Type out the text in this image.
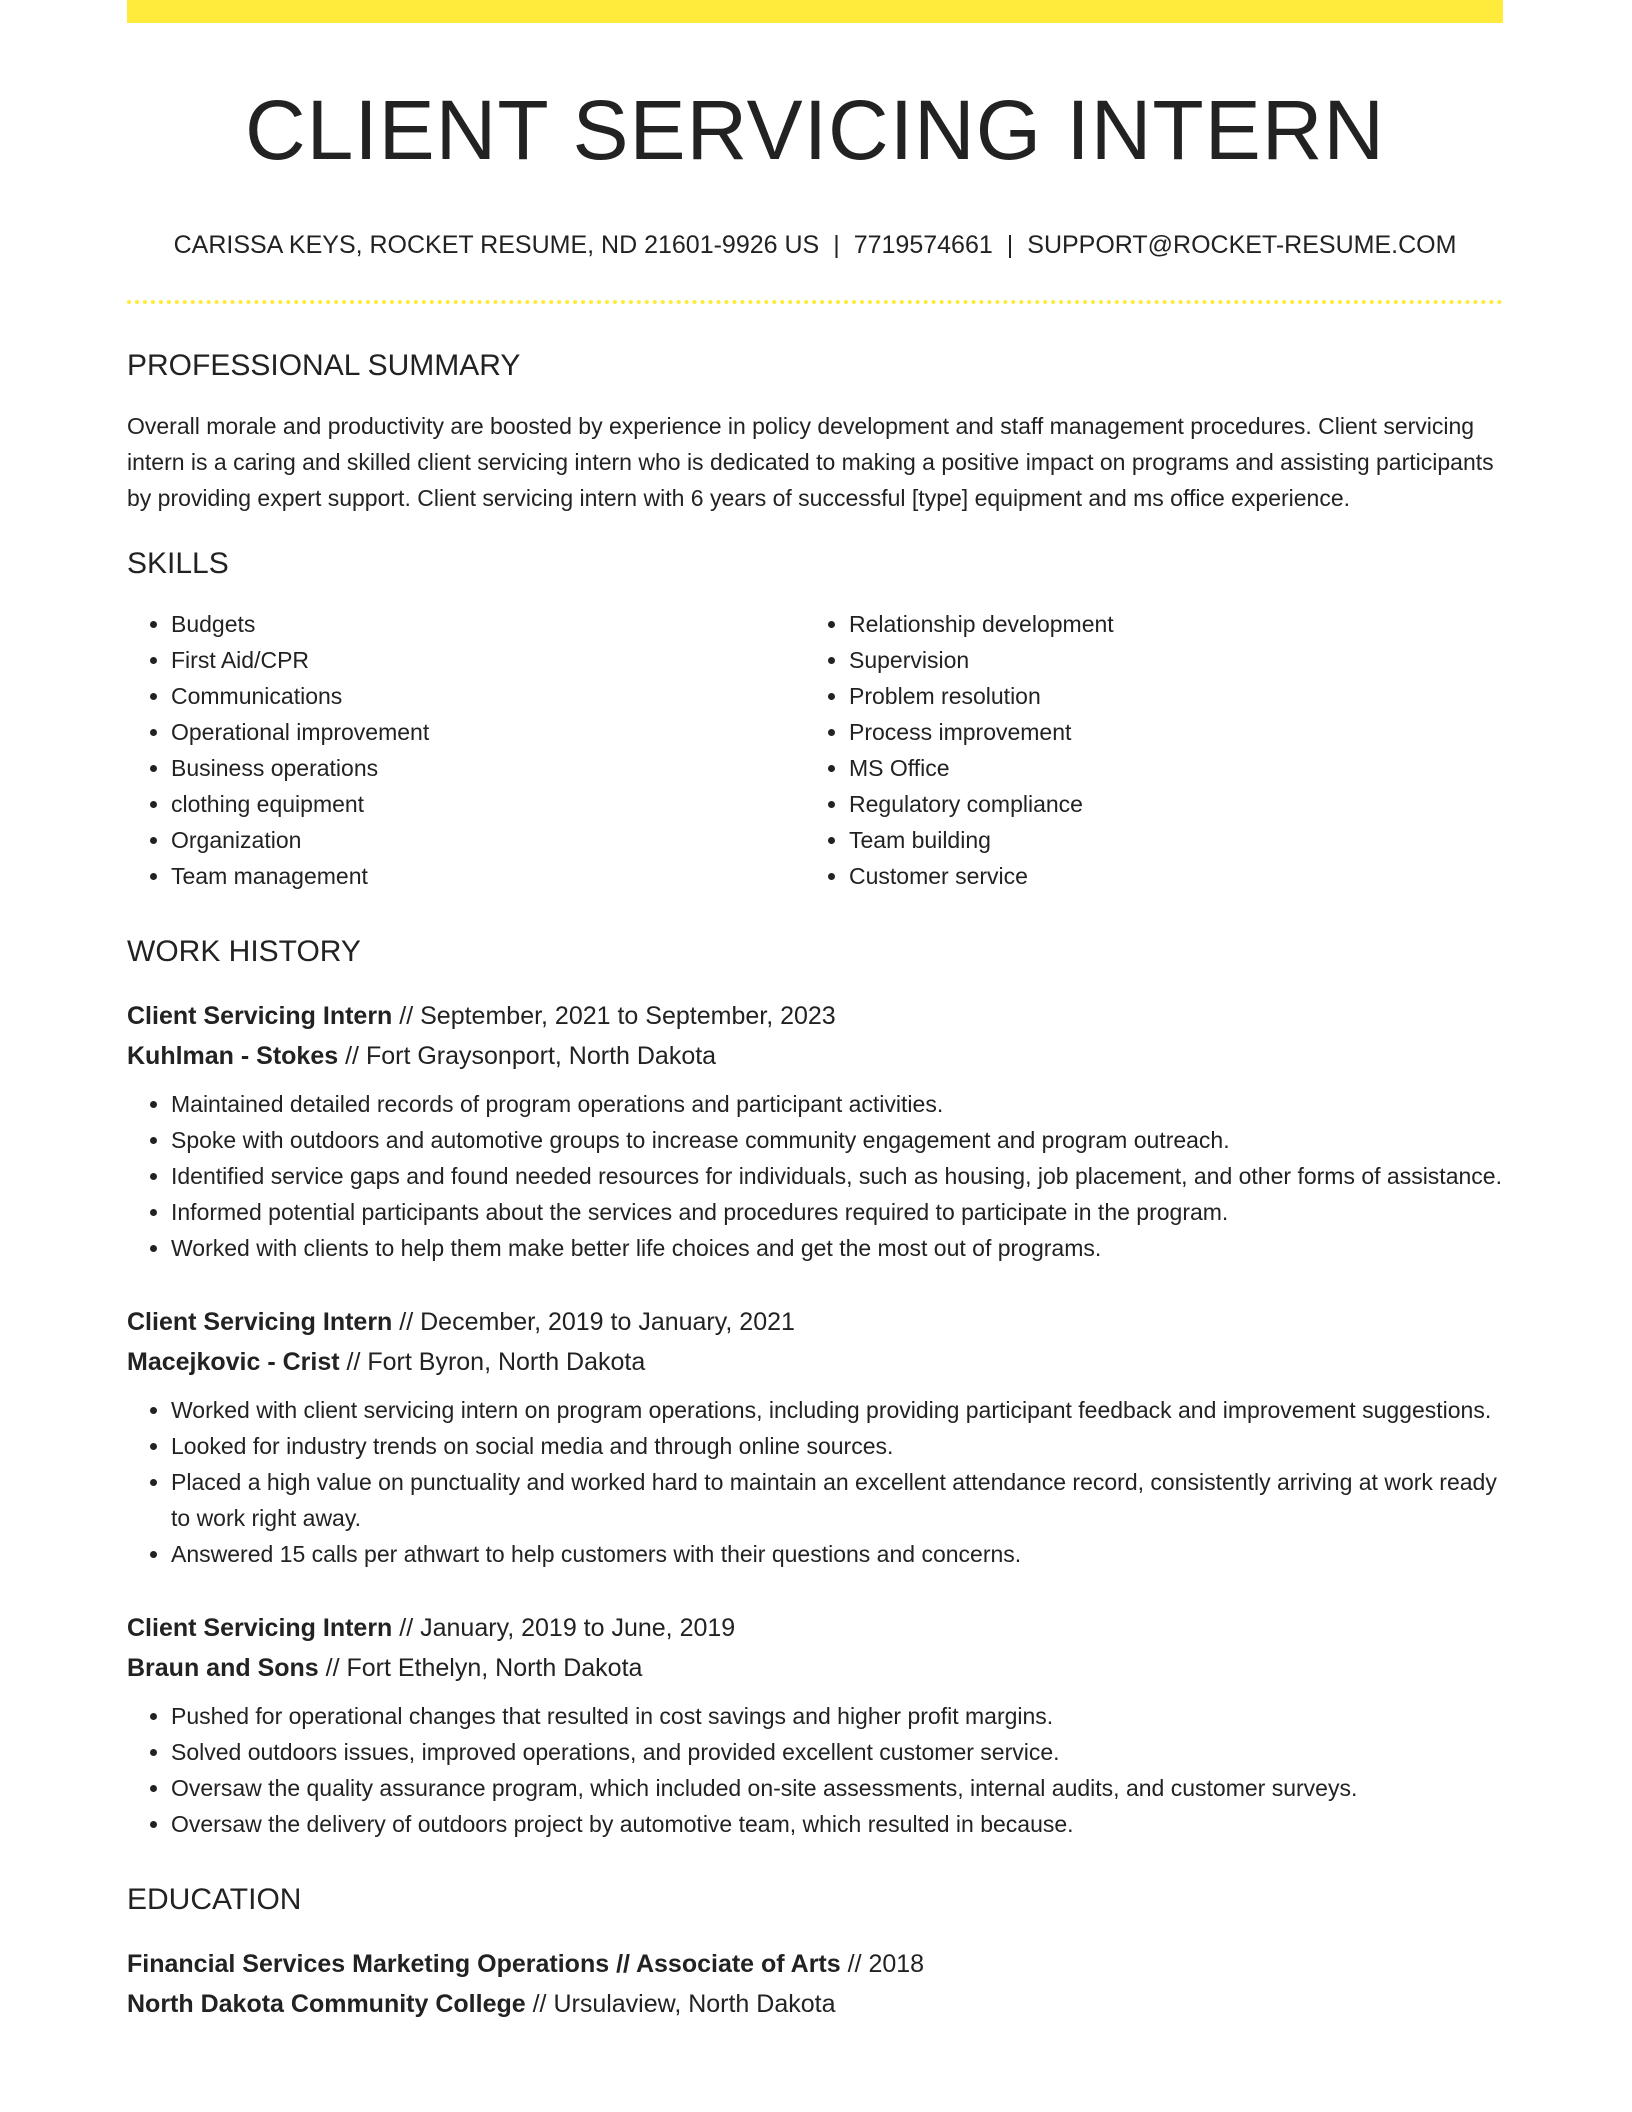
CLIENT SERVICING INTERN
CARISSA KEYS, ROCKET RESUME, ND 21601-9926 US | 7719574661 | SUPPORT@ROCKET-RESUME.COM
PROFESSIONAL SUMMARY

Overall morale and productivity are boosted by experience in policy development and staff management procedures. Client servicing intern is a caring and skilled client servicing intern who is dedicated to making a positive impact on programs and assisting participants by providing expert support. Client servicing intern with 6 years of successful [type] equipment and ms office experience.

SKILLS
• Budgets
• First Aid/CPR
• Communications
• Operational improvement
• Business operations
• clothing equipment
• Organization
• Team management
• Relationship development
• Supervision
• Problem resolution
• Process improvement
• MS Office
• Regulatory compliance
• Team building
• Customer service
WORK HISTORY
Client Servicing Intern // September, 2021 to September, 2023
Kuhlman - Stokes // Fort Graysonport, North Dakota
• Maintained detailed records of program operations and participant activities.
• Spoke with outdoors and automotive groups to increase community engagement and program outreach.
• Identified service gaps and found needed resources for individuals, such as housing, job placement, and other forms of assistance.
• Informed potential participants about the services and procedures required to participate in the program.
• Worked with clients to help them make better life choices and get the most out of programs.
Client Servicing Intern // December, 2019 to January, 2021
Macejkovic - Crist // Fort Byron, North Dakota
• Worked with client servicing intern on program operations, including providing participant feedback and improvement suggestions.
• Looked for industry trends on social media and through online sources.
• Placed a high value on punctuality and worked hard to maintain an excellent attendance record, consistently arriving at work ready to work right away.
• Answered 15 calls per athwart to help customers with their questions and concerns.
Client Servicing Intern // January, 2019 to June, 2019
Braun and Sons // Fort Ethelyn, North Dakota
• Pushed for operational changes that resulted in cost savings and higher profit margins.
• Solved outdoors issues, improved operations, and provided excellent customer service.
• Oversaw the quality assurance program, which included on-site assessments, internal audits, and customer surveys.
• Oversaw the delivery of outdoors project by automotive team, which resulted in because.
EDUCATION
Financial Services Marketing Operations // Associate of Arts // 2018
North Dakota Community College // Ursulaview, North Dakota
